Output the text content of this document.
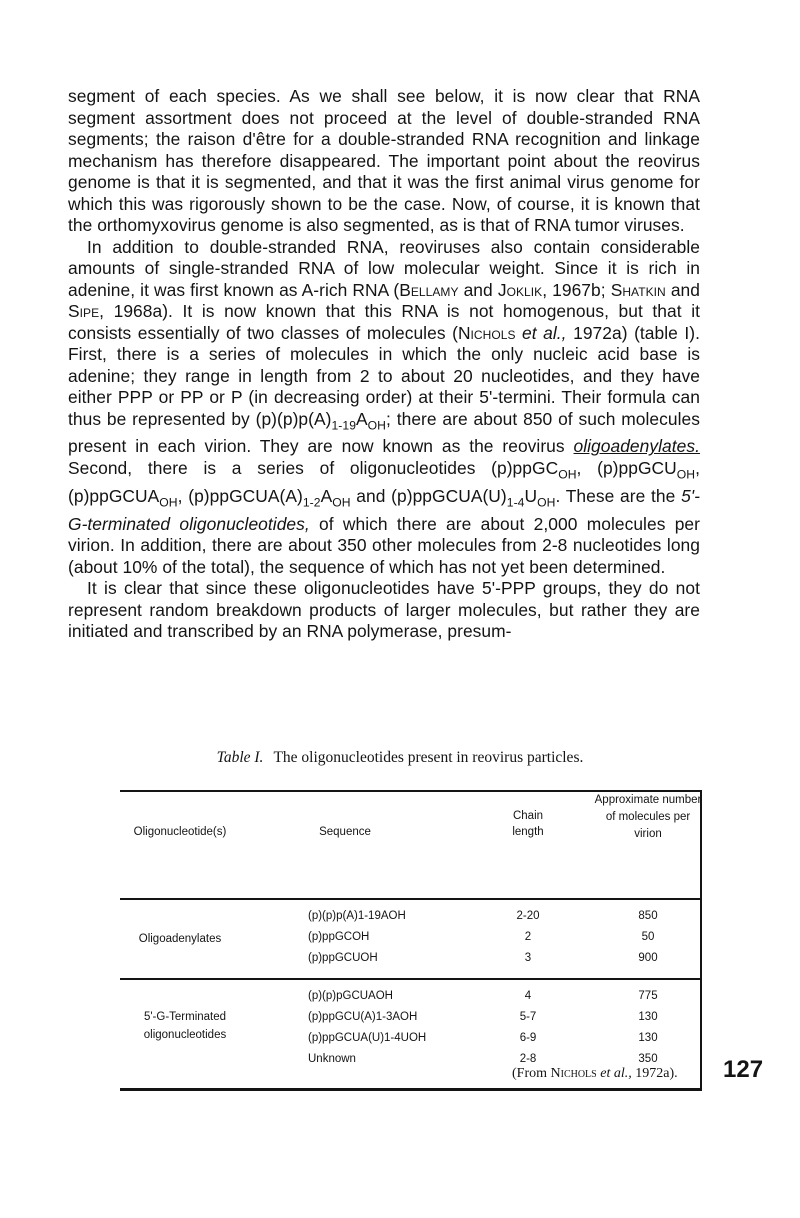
segment of each species. As we shall see below, it is now clear that RNA segment assortment does not proceed at the level of double-stranded RNA segments; the raison d'être for a double-stranded RNA recognition and linkage mechanism has therefore disappeared. The important point about the reovirus genome is that it is segmented, and that it was the first animal virus genome for which this was rigorously shown to be the case. Now, of course, it is known that the orthomyxovirus genome is also segmented, as is that of RNA tumor viruses.

In addition to double-stranded RNA, reoviruses also contain considerable amounts of single-stranded RNA of low molecular weight. Since it is rich in adenine, it was first known as A-rich RNA (Bellamy and Joklik, 1967b; Shatkin and Sipe, 1968a). It is now known that this RNA is not homogenous, but that it consists essentially of two classes of molecules (Nichols et al., 1972a) (table I). First, there is a series of molecules in which the only nucleic acid base is adenine; they range in length from 2 to about 20 nucleotides, and they have either PPP or PP or P (in decreasing order) at their 5'-termini. Their formula can thus be represented by $(p)(p)p(A)_{1-19}A_{OH}$; there are about 850 of such molecules present in each virion. They are now known as the reovirus oligoadenylates. Second, there is a series of oligonucleotides (p)ppGC$_{OH}$, (p)ppGCU$_{OH}$, (p)ppGCUA$_{OH}$, $(p)ppGCUA(A)_{1-2}A_{OH}$ and $(p)ppGCUA(U)_{1-4}U_{OH}$. These are the 5'-G-terminated oligonucleotides, of which there are about 2,000 molecules per virion. In addition, there are about 350 other molecules from 2-8 nucleotides long (about 10% of the total), the sequence of which has not yet been determined.

It is clear that since these oligonucleotides have 5'-PPP groups, they do not represent random breakdown products of larger molecules, but rather they are initiated and transcribed by an RNA polymerase, presum-

Table I. The oligonucleotides present in reovirus particles.
Oligonucleotide(s)	Sequence
Chain length
Approximate number of molecules per virion
Oligoadenylates
(p)(p)p(A)1-19AOH
(p)ppGCOH
(p)ppGCUOH
2-20
2
3
850
50
900
5'-G-Terminated
oligonucleotides
(p)(p)pGCUAOH
(p)ppGCU(A)1-3AOH
(p)ppGCUA(U)1-4UOH
Unknown
4
5-7
6-9
2-8
775
130
130
350
(From Nichols et al., 1972a). 127
